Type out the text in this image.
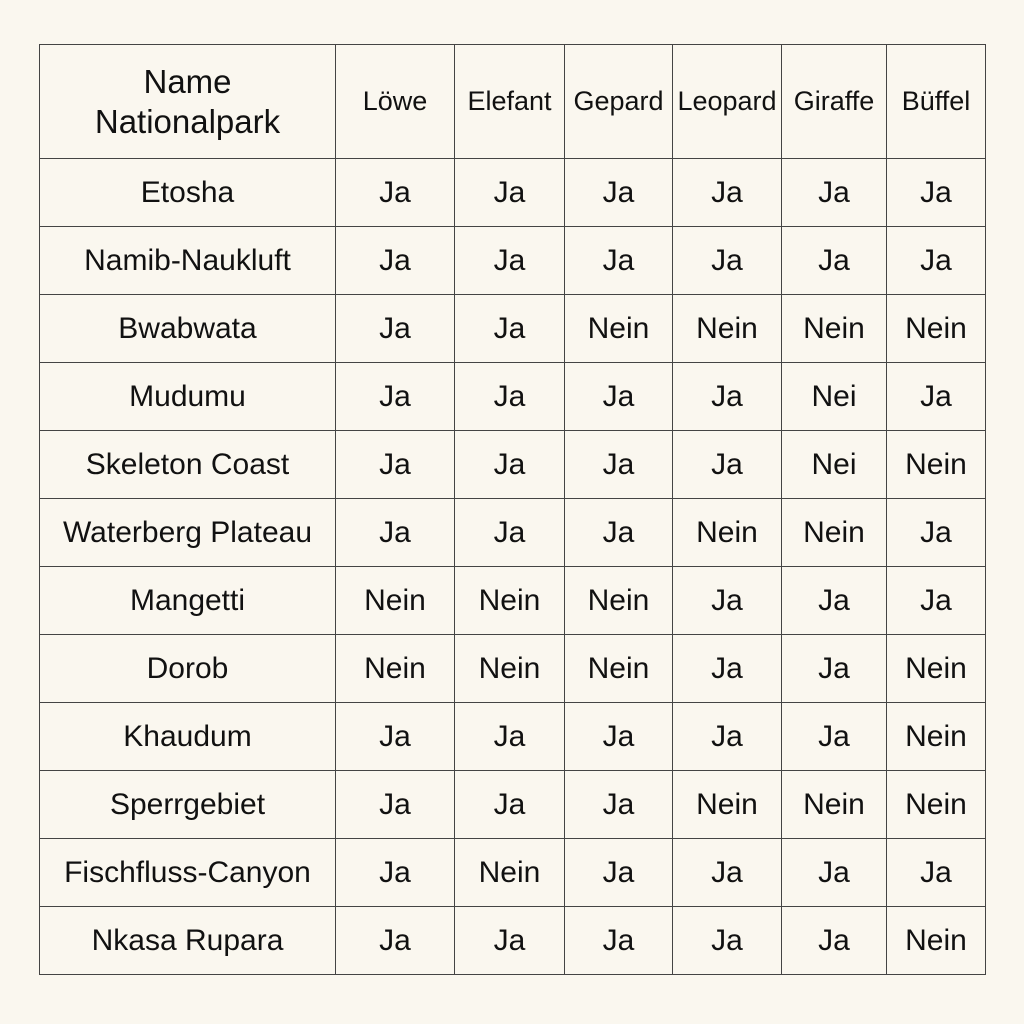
Name
Nationalpark	Löwe	Elefant	Gepard	Leopard	Giraffe	Büffel
Etosha	Ja	Ja	Ja	Ja	Ja	Ja
Namib-Naukluft	Ja	Ja	Ja	Ja	Ja	Ja
Bwabwata	Ja	Ja	Nein	Nein	Nein	Nein
Mudumu	Ja	Ja	Ja	Ja	Nei	Ja
Skeleton Coast	Ja	Ja	Ja	Ja	Nei	Nein
Waterberg Plateau	Ja	Ja	Ja	Nein	Nein	Ja
Mangetti	Nein	Nein	Nein	Ja	Ja	Ja
Dorob	Nein	Nein	Nein	Ja	Ja	Nein
Khaudum	Ja	Ja	Ja	Ja	Ja	Nein
Sperrgebiet	Ja	Ja	Ja	Nein	Nein	Nein
Fischfluss-Canyon	Ja	Nein	Ja	Ja	Ja	Ja
Nkasa Rupara	Ja	Ja	Ja	Ja	Ja	Nein
